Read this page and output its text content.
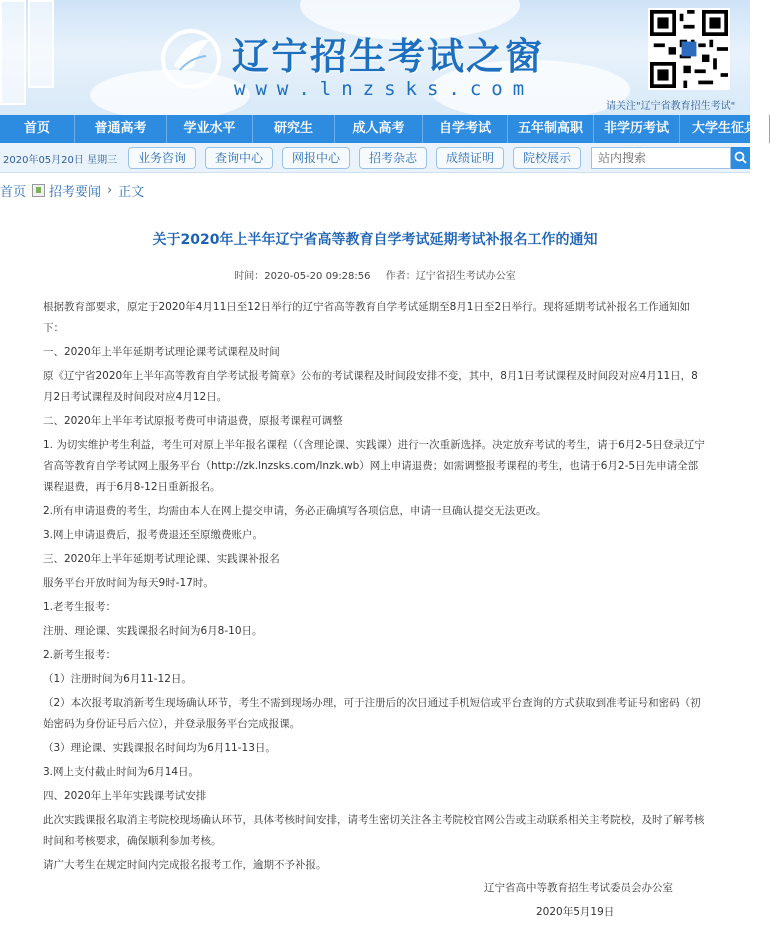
辽宁招生考试之窗
www.lnzsks.com
请关注"辽宁省教育招生考试"
首页	普通高考	学业水平	研究生	成人高考	自学考试	五年制高职	非学历考试	大学生征兵
2020年05月20日 星期三	业务咨询	查询中心	网报中心	招考杂志	成绩证明	院校展示
站内搜索
首页 招考要闻 › 正文
关于2020年上半年辽宁省高等教育自学考试延期考试补报名工作的通知
时间：2020-05-20 09:28:56 作者：辽宁省招生考试办公室

根据教育部要求，原定于2020年4月11日至12日举行的辽宁省高等教育自学考试延期至8月1日至2日举行。现将延期考试补报名工作通知如下：

一、2020年上半年延期考试理论课考试课程及时间

原《辽宁省2020年上半年高等教育自学考试报考简章》公布的考试课程及时间段安排不变，其中，8月1日考试课程及时间段对应4月11日，8月2日考试课程及时间段对应4月12日。

二、2020年上半年考试原报考费可申请退费，原报考课程可调整

1. 为切实维护考生利益，考生可对原上半年报名课程（（含理论课、实践课）进行一次重新选择。决定放弃考试的考生，请于6月2-5日登录辽宁省高等教育自学考试网上服务平台（http://zk.lnzsks.com/lnzk.wb）网上申请退费；如需调整报考课程的考生，也请于6月2-5日先申请全部课程退费，再于6月8-12日重新报名。

2.所有申请退费的考生，均需由本人在网上提交申请，务必正确填写各项信息，申请一旦确认提交无法更改。

3.网上申请退费后，报考费退还至原缴费账户。

三、2020年上半年延期考试理论课、实践课补报名

服务平台开放时间为每天9时-17时。

1.老考生报考：

注册、理论课、实践课报名时间为6月8-10日。

2.新考生报考：

（1）注册时间为6月11-12日。

（2）本次报考取消新考生现场确认环节，考生不需到现场办理，可于注册后的次日通过手机短信或平台查询的方式获取到准考证号和密码（初始密码为身份证号后六位），并登录服务平台完成报课。

（3）理论课、实践课报名时间均为6月11-13日。

3.网上支付截止时间为6月14日。

四、2020年上半年实践课考试安排

此次实践课报名取消主考院校现场确认环节，具体考核时间安排，请考生密切关注各主考院校官网公告或主动联系相关主考院校，及时了解考核时间和考核要求，确保顺利参加考核。

请广大考生在规定时间内完成报名报考工作，逾期不予补报。

辽宁省高中等教育招生考试委员会办公室
2020年5月19日
